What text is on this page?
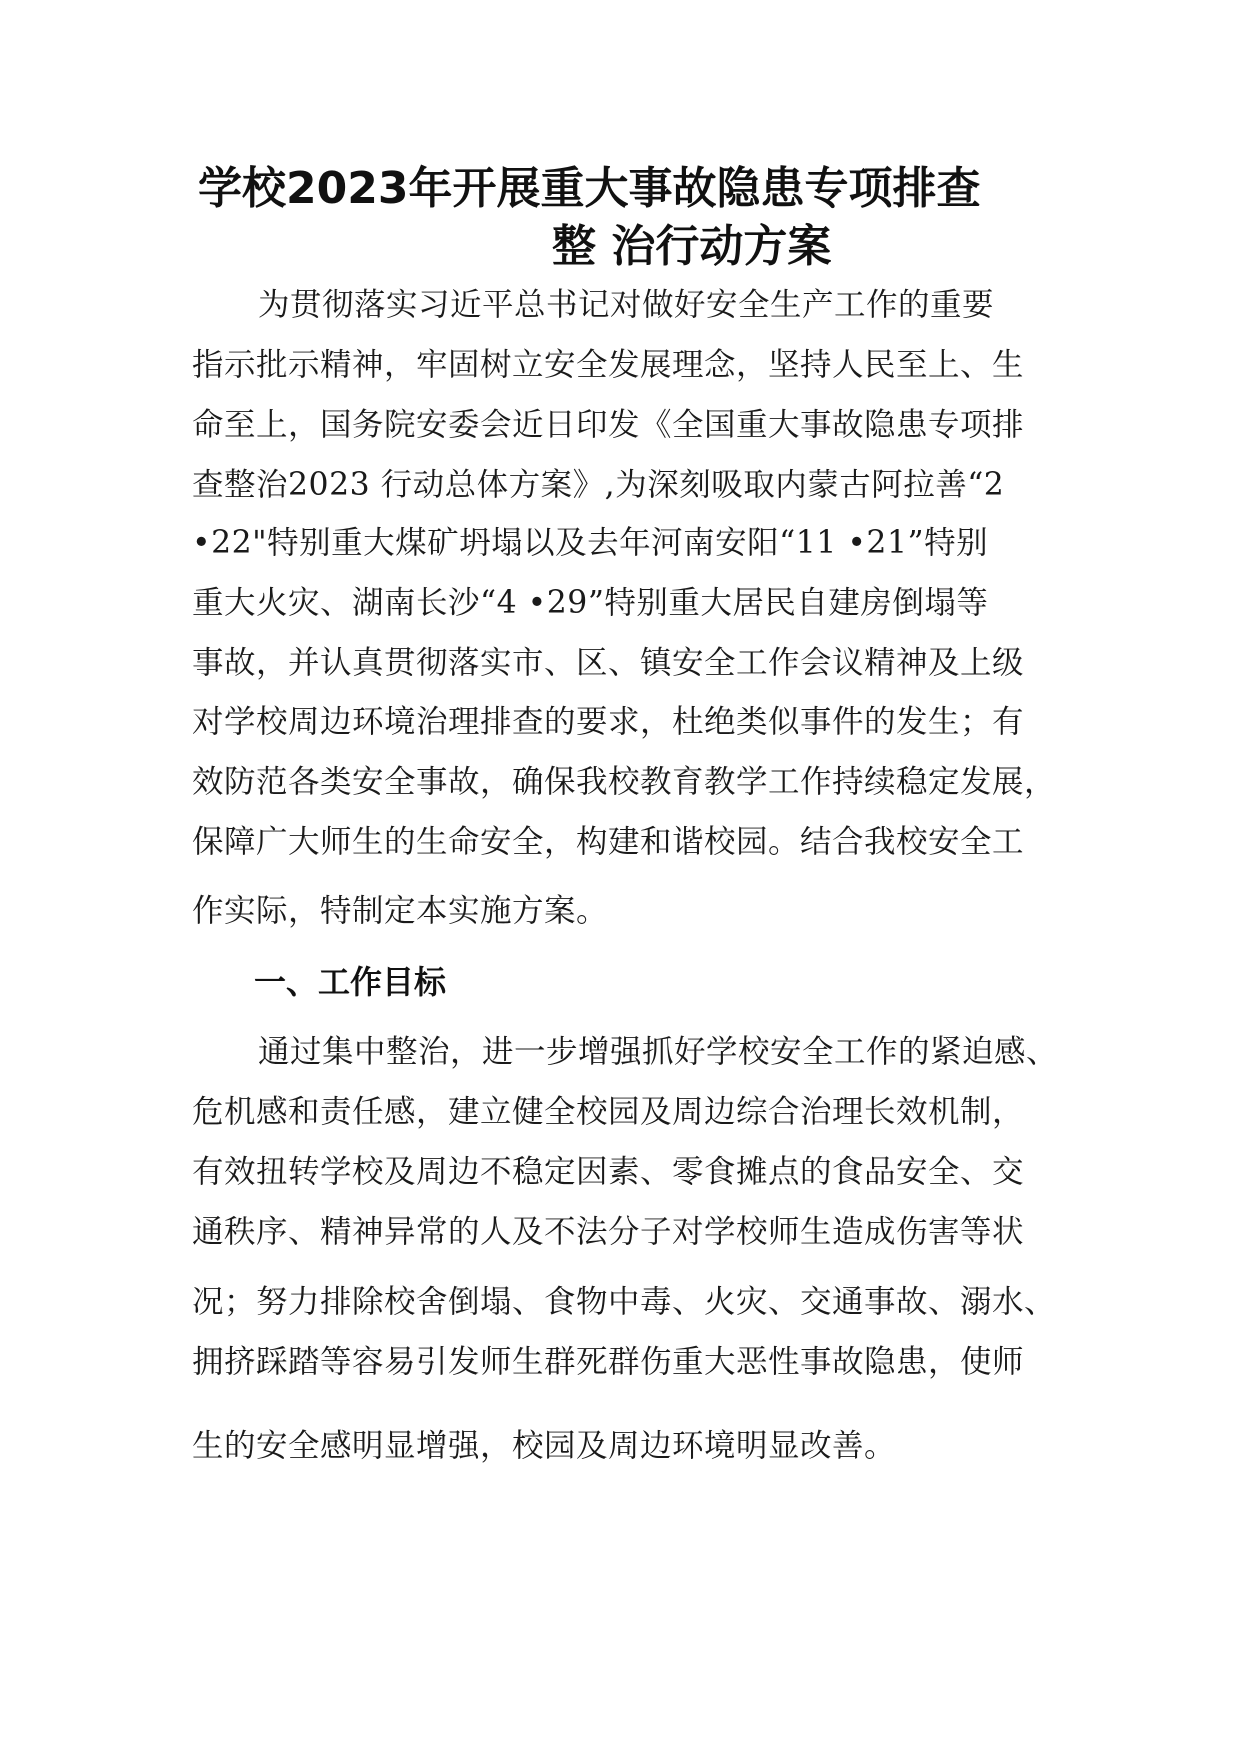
学校2023年开展重大事故隐患专项排查
整 治行动方案

为贯彻落实习近平总书记对做好安全生产工作的重要

指示批示精神，牢固树立安全发展理念，坚持人民至上、生

命至上，国务院安委会近日印发《全国重大事故隐患专项排

查整治2023 行动总体方案》,为深刻吸取内蒙古阿拉善“2

•22"特别重大煤矿坍塌以及去年河南安阳“11 •21”特别

重大火灾、湖南长沙“4 •29”特别重大居民自建房倒塌等

事故，并认真贯彻落实市、区、镇安全工作会议精神及上级

对学校周边环境治理排查的要求，杜绝类似事件的发生；有

效防范各类安全事故，确保我校教育教学工作持续稳定发展，

保障广大师生的生命安全，构建和谐校园。结合我校安全工

作实际，特制定本实施方案。

一、工作目标

通过集中整治，进一步增强抓好学校安全工作的紧迫感、

危机感和责任感，建立健全校园及周边综合治理长效机制，

有效扭转学校及周边不稳定因素、零食摊点的食品安全、交

通秩序、精神异常的人及不法分子对学校师生造成伤害等状

况；努力排除校舍倒塌、食物中毒、火灾、交通事故、溺水、

拥挤踩踏等容易引发师生群死群伤重大恶性事故隐患，使师

生的安全感明显增强，校园及周边环境明显改善。
